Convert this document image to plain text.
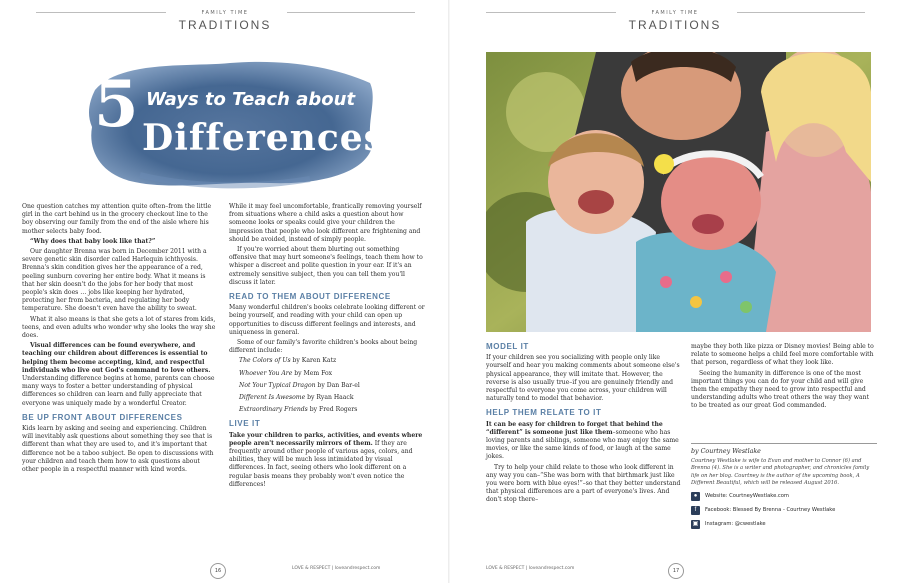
FAMILY TIME
TRADITIONS
5 Ways to Teach about
Differences

One question catches my attention quite often–from the little girl in the cart behind us in the grocery checkout line to the boy observing our family from the end of the aisle where his mother selects baby food.

“Why does that baby look like that?”

Our daughter Brenna was born in December 2011 with a severe genetic skin disorder called Harlequin ichthyosis. Brenna's skin condition gives her the appearance of a red, peeling sunburn covering her entire body. What it means is that her skin doesn't do the jobs for her body that most people's skin does … jobs like keeping her hydrated, protecting her from bacteria, and regulating her body temperature. She doesn't even have the ability to sweat.

What it also means is that she gets a lot of stares from kids, teens, and even adults who wonder why she looks the way she does.

Visual differences can be found everywhere, and teaching our children about differences is essential to helping them become accepting, kind, and respectful individuals who live out God's command to love others. Understanding difference begins at home, parents can choose many ways to foster a better understanding of physical differences so children can learn and fully appreciate that everyone was uniquely made by a wonderful Creator.

BE UP FRONT ABOUT DIFFERENCES

Kids learn by asking and seeing and experiencing. Children will inevitably ask questions about something they see that is different than what they are used to, and it's important that difference not be a taboo subject. Be open to discussions with your children and teach them how to ask questions about other people in a respectful manner with kind words.

While it may feel uncomfortable, frantically removing yourself from situations where a child asks a question about how someone looks or speaks could give your children the impression that people who look different are frightening and should be avoided, instead of simply people.

If you're worried about them blurting out something offensive that may hurt someone's feelings, teach them how to whisper a discreet and polite question in your ear. If it's an extremely sensitive subject, then you can tell them you'll discuss it later.

READ TO THEM ABOUT DIFFERENCE

Many wonderful children's books celebrate looking different or being yourself, and reading with your child can open up opportunities to discuss different feelings and interests, and uniqueness in general.

Some of our family's favorite children's books about being different include:

The Colors of Us by Karen Katz

Whoever You Are by Mem Fox

Not Your Typical Dragon by Dan Bar-el

Different Is Awesome by Ryan Haack

Extraordinary Friends by Fred Rogers

LIVE IT

Take your children to parks, activities, and events where people aren't necessarily mirrors of them. If they are frequently around other people of various ages, colors, and abilities, they will be much less intimidated by visual differences. In fact, seeing others who look different on a regular basis means they probably won't even notice the differences!

16	LOVE & RESPECT | loveandrespect.com
FAMILY TIME
TRADITIONS
MODEL IT

If your children see you socializing with people only like yourself and hear you making comments about someone else's physical appearance, they will imitate that. However, the reverse is also usually true–if you are genuinely friendly and respectful to everyone you come across, your children will naturally tend to model that behavior.

HELP THEM RELATE TO IT

It can be easy for children to forget that behind the “different” is someone just like them–someone who has loving parents and siblings, someone who may enjoy the same movies, or like the same kinds of food, or laugh at the same jokes.

Try to help your child relate to those who look different in any way you can–“She was born with that birthmark just like you were born with blue eyes!”–so that they better understand that physical differences are a part of everyone's lives. And don't stop there–

maybe they both like pizza or Disney movies! Being able to relate to someone helps a child feel more comfortable with that person, regardless of what they look like.

Seeing the humanity in difference is one of the most important things you can do for your child and will give them the empathy they need to grow into respectful and understanding adults who treat others the way they want to be treated as our great God commanded.

by Courtney Westlake
Courtney Westlake is wife to Evan and mother to Connor (6) and Brenna (4). She is a writer and photographer, and chronicles family life on her blog. Courtney is the author of the upcoming book, A Different Beautiful, which will be released August 2016.
●	Website: CourtneyWestlake.com
f	Facebook: Blessed By Brenna - Courtney Westlake
▣	Instagram: @cwestlake
LOVE & RESPECT | loveandrespect.com	17
